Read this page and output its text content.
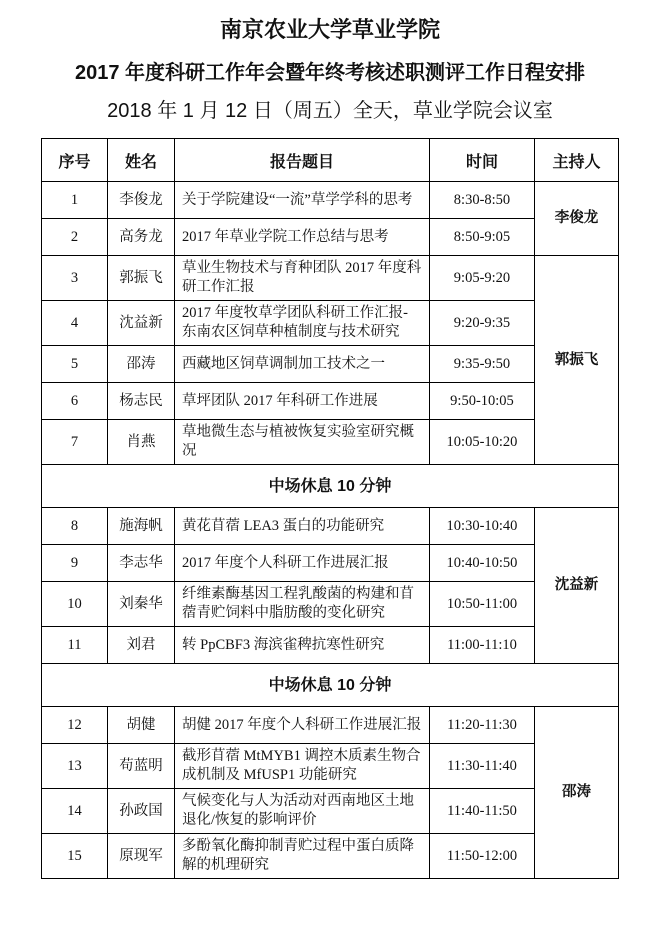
南京农业大学草业学院

2017 年度科研工作年会暨年终考核述职测评工作日程安排

2018 年 1 月 12 日（周五）全天，草业学院会议室

序号	姓名	报告题目	时间	主持人
1	李俊龙	关于学院建设“一流”草学学科的思考	8:30-8:50	李俊龙
2	高务龙	2017 年草业学院工作总结与思考	8:50-9:05	
3	郭振飞	草业生物技术与育种团队 2017 年度科研工作汇报	9:05-9:20	郭振飞
4	沈益新	2017 年度牧草学团队科研工作汇报-东南农区饲草种植制度与技术研究	9:20-9:35	
5	邵涛	西藏地区饲草调制加工技术之一	9:35-9:50	
6	杨志民	草坪团队 2017 年科研工作进展	9:50-10:05	
7	肖燕	草地微生态与植被恢复实验室研究概况	10:05-10:20	
中场休息 10 分钟				
8	施海帆	黄花苜蓿 LEA3 蛋白的功能研究	10:30-10:40	沈益新
9	李志华	2017 年度个人科研工作进展汇报	10:40-10:50	
10	刘秦华	纤维素酶基因工程乳酸菌的构建和苜蓿青贮饲料中脂肪酸的变化研究	10:50-11:00	
11	刘君	转 PpCBF3 海滨雀稗抗寒性研究	11:00-11:10	
中场休息 10 分钟				
12	胡健	胡健 2017 年度个人科研工作进展汇报	11:20-11:30	邵涛
13	苟蓝明	截形苜蓿 MtMYB1 调控木质素生物合成机制及 MfUSP1 功能研究	11:30-11:40	
14	孙政国	气候变化与人为活动对西南地区土地退化/恢复的影响评价	11:40-11:50	
15	原现军	多酚氧化酶抑制青贮过程中蛋白质降解的机理研究	11:50-12:00	
